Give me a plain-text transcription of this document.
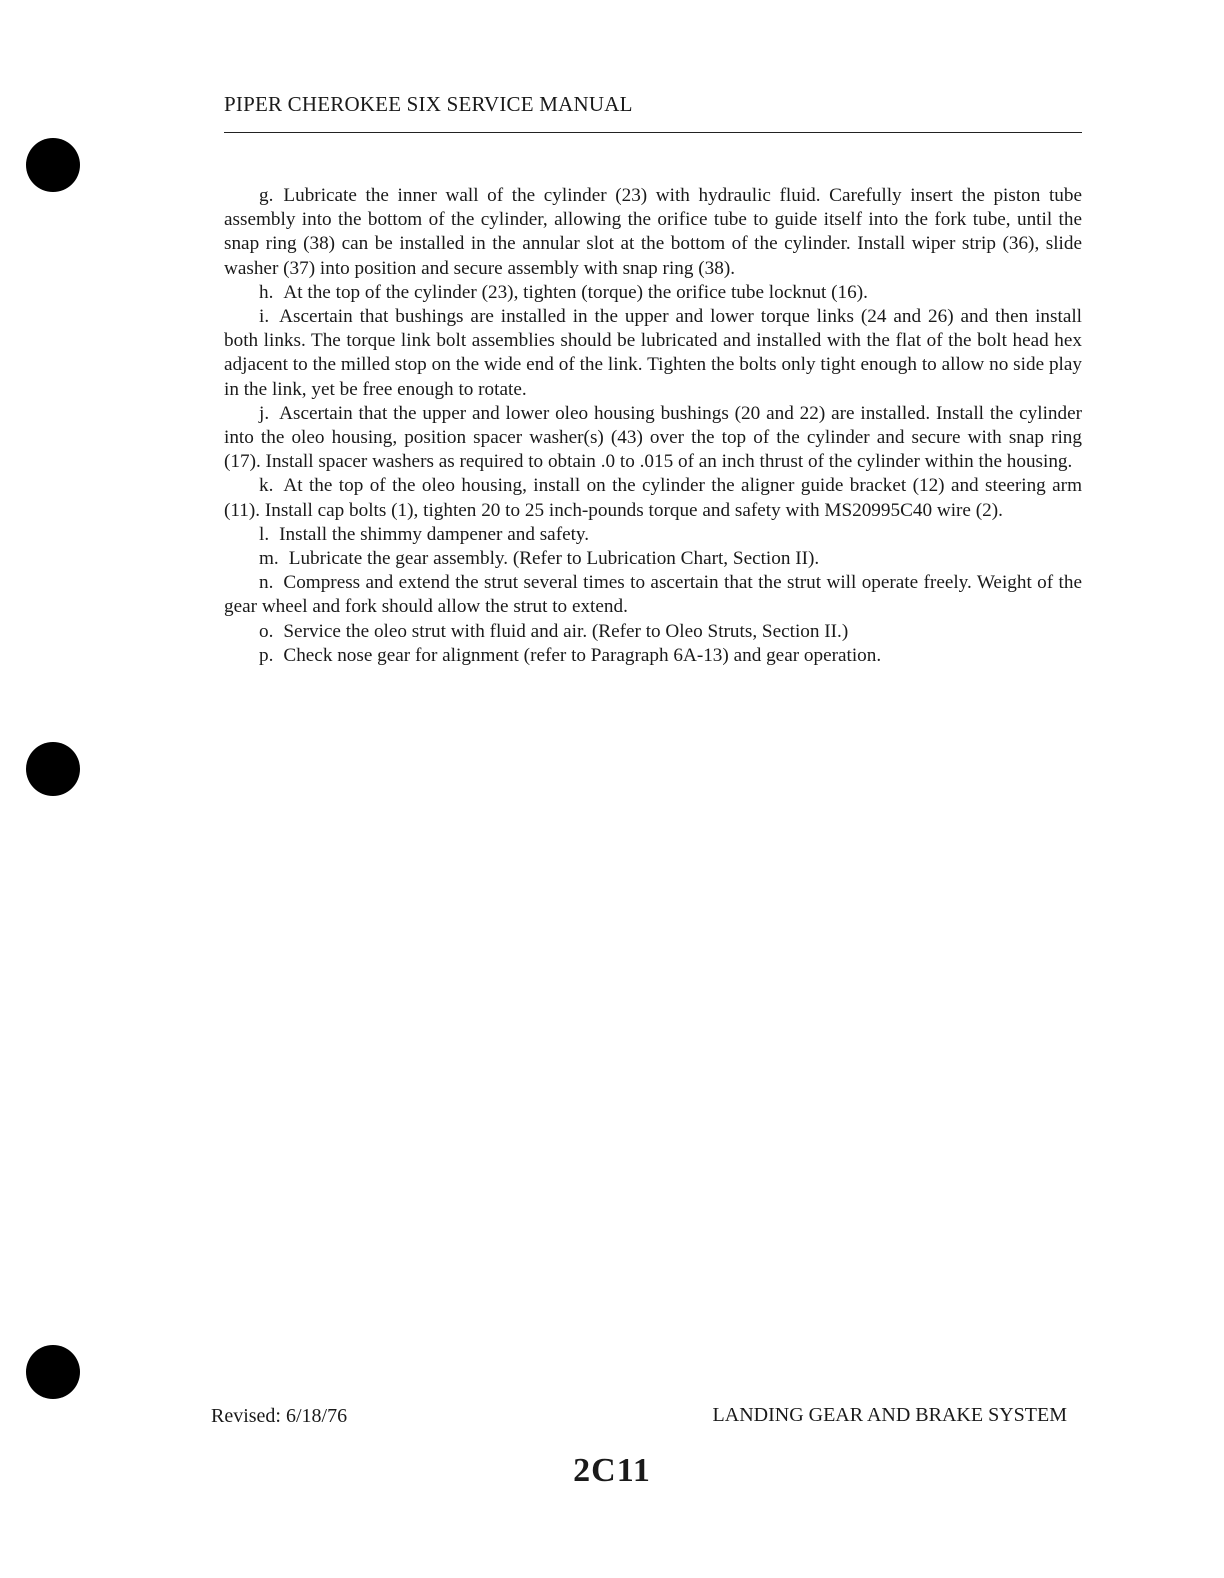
PIPER CHEROKEE SIX SERVICE MANUAL

g. Lubricate the inner wall of the cylinder (23) with hydraulic fluid. Carefully insert the piston tube assembly into the bottom of the cylinder, allowing the orifice tube to guide itself into the fork tube, until the snap ring (38) can be installed in the annular slot at the bottom of the cylinder. Install wiper strip (36), slide washer (37) into position and secure assembly with snap ring (38).

h. At the top of the cylinder (23), tighten (torque) the orifice tube locknut (16).

i. Ascertain that bushings are installed in the upper and lower torque links (24 and 26) and then install both links. The torque link bolt assemblies should be lubricated and installed with the flat of the bolt head hex adjacent to the milled stop on the wide end of the link. Tighten the bolts only tight enough to allow no side play in the link, yet be free enough to rotate.

j. Ascertain that the upper and lower oleo housing bushings (20 and 22) are installed. Install the cylinder into the oleo housing, position spacer washer(s) (43) over the top of the cylinder and secure with snap ring (17). Install spacer washers as required to obtain .0 to .015 of an inch thrust of the cylinder within the housing.

k. At the top of the oleo housing, install on the cylinder the aligner guide bracket (12) and steering arm (11). Install cap bolts (1), tighten 20 to 25 inch-pounds torque and safety with MS20995C40 wire (2).

l. Install the shimmy dampener and safety.

m. Lubricate the gear assembly. (Refer to Lubrication Chart, Section II).

n. Compress and extend the strut several times to ascertain that the strut will operate freely. Weight of the gear wheel and fork should allow the strut to extend.

o. Service the oleo strut with fluid and air. (Refer to Oleo Struts, Section II.)

p. Check nose gear for alignment (refer to Paragraph 6A-13) and gear operation.

Revised: 6/18/76	LANDING GEAR AND BRAKE SYSTEM
2C11
